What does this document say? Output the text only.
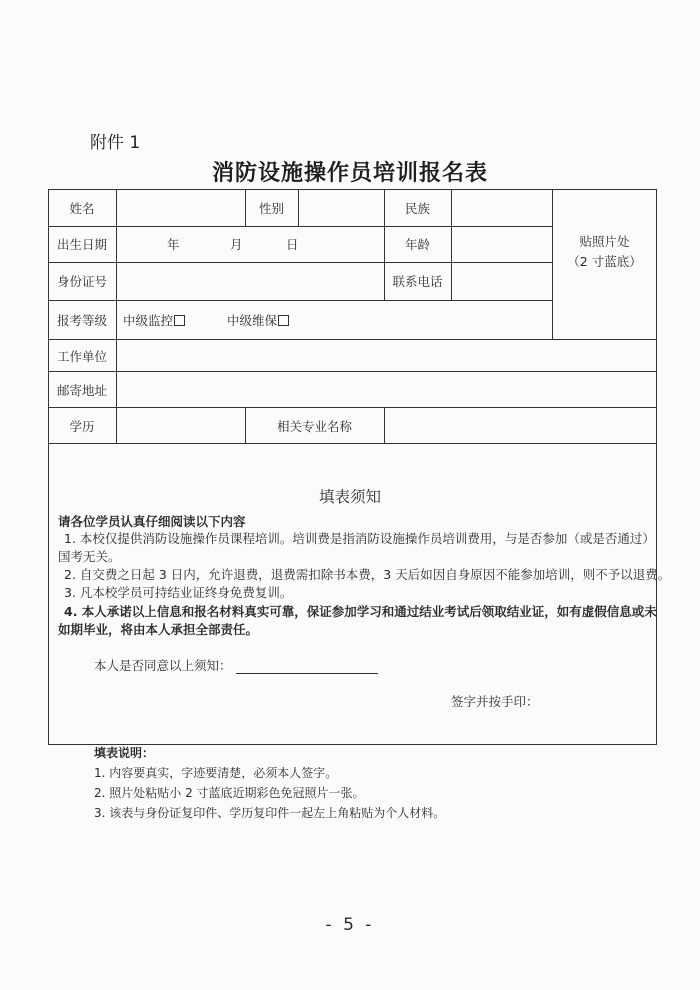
附件 1
消防设施操作员培训报名表
姓名	性别	民族
出生日期	年	月	日	年龄
身份证号	联系电话
报考等级	中级监控	中级维保
贴照片处
（2 寸蓝底）
工作单位
邮寄地址
学历	相关专业名称
填表须知
请各位学员认真仔细阅读以下内容
1. 本校仅提供消防设施操作员课程培训。培训费是指消防设施操作员培训费用，与是否参加（或是否通过）
国考无关。
2. 自交费之日起 3 日内，允许退费，退费需扣除书本费，3 天后如因自身原因不能参加培训，则不予以退费。
3. 凡本校学员可持结业证终身免费复训。
4. 本人承诺以上信息和报名材料真实可靠，保证参加学习和通过结业考试后领取结业证，如有虚假信息或未
如期毕业，将由本人承担全部责任。
本人是否同意以上须知：
签字并按手印：
填表说明：
1. 内容要真实，字迹要清楚，必须本人签字。
2. 照片处粘贴小 2 寸蓝底近期彩色免冠照片一张。
3. 该表与身份证复印件、学历复印件一起左上角粘贴为个人材料。
- 5 -
